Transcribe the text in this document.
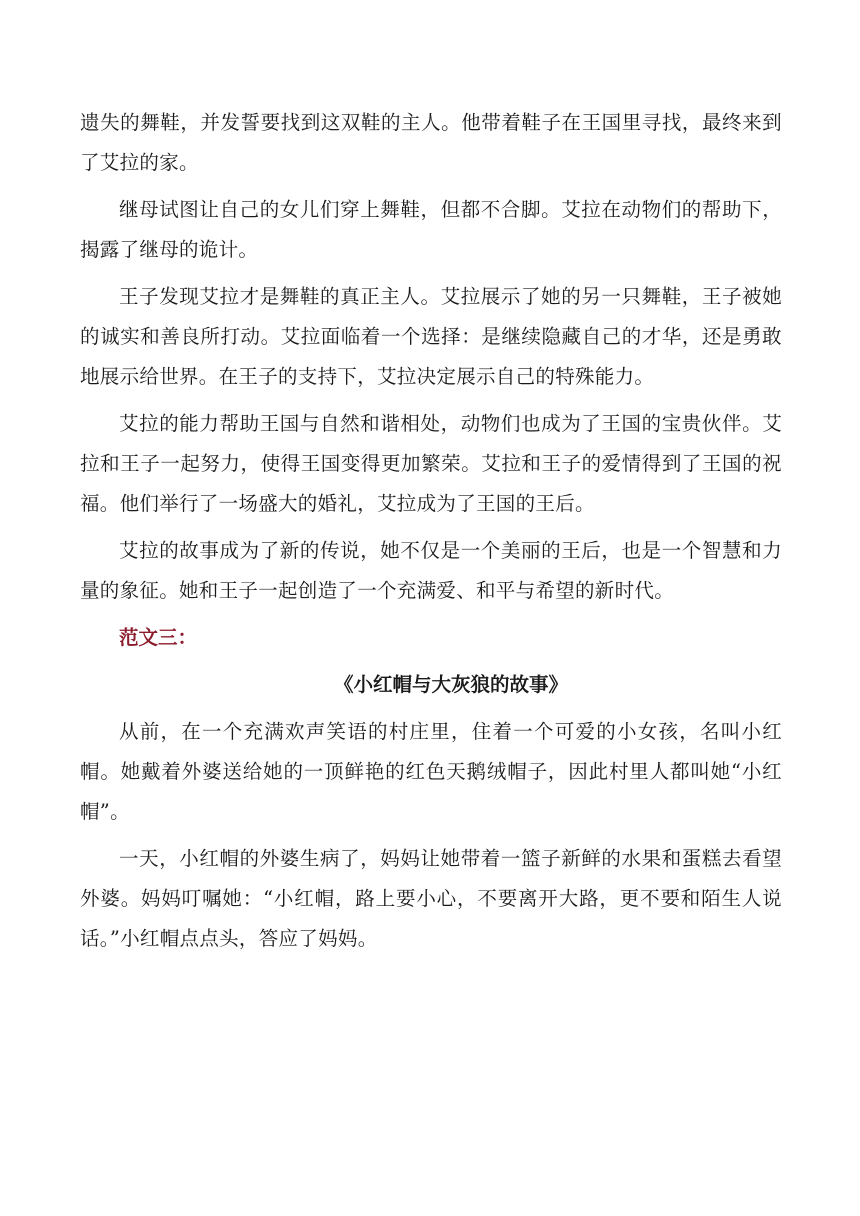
遗失的舞鞋，并发誓要找到这双鞋的主人。他带着鞋子在王国里寻找，最终来到了艾拉的家。

继母试图让自己的女儿们穿上舞鞋，但都不合脚。艾拉在动物们的帮助下，揭露了继母的诡计。

王子发现艾拉才是舞鞋的真正主人。艾拉展示了她的另一只舞鞋，王子被她的诚实和善良所打动。艾拉面临着一个选择：是继续隐藏自己的才华，还是勇敢地展示给世界。在王子的支持下，艾拉决定展示自己的特殊能力。

艾拉的能力帮助王国与自然和谐相处，动物们也成为了王国的宝贵伙伴。艾拉和王子一起努力，使得王国变得更加繁荣。艾拉和王子的爱情得到了王国的祝福。他们举行了一场盛大的婚礼，艾拉成为了王国的王后。

艾拉的故事成为了新的传说，她不仅是一个美丽的王后，也是一个智慧和力量的象征。她和王子一起创造了一个充满爱、和平与希望的新时代。

范文三：

《小红帽与大灰狼的故事》

从前，在一个充满欢声笑语的村庄里，住着一个可爱的小女孩，名叫小红帽。她戴着外婆送给她的一顶鲜艳的红色天鹅绒帽子，因此村里人都叫她“小红帽”。

一天，小红帽的外婆生病了，妈妈让她带着一篮子新鲜的水果和蛋糕去看望外婆。妈妈叮嘱她：“小红帽，路上要小心，不要离开大路，更不要和陌生人说话。”小红帽点点头，答应了妈妈。
